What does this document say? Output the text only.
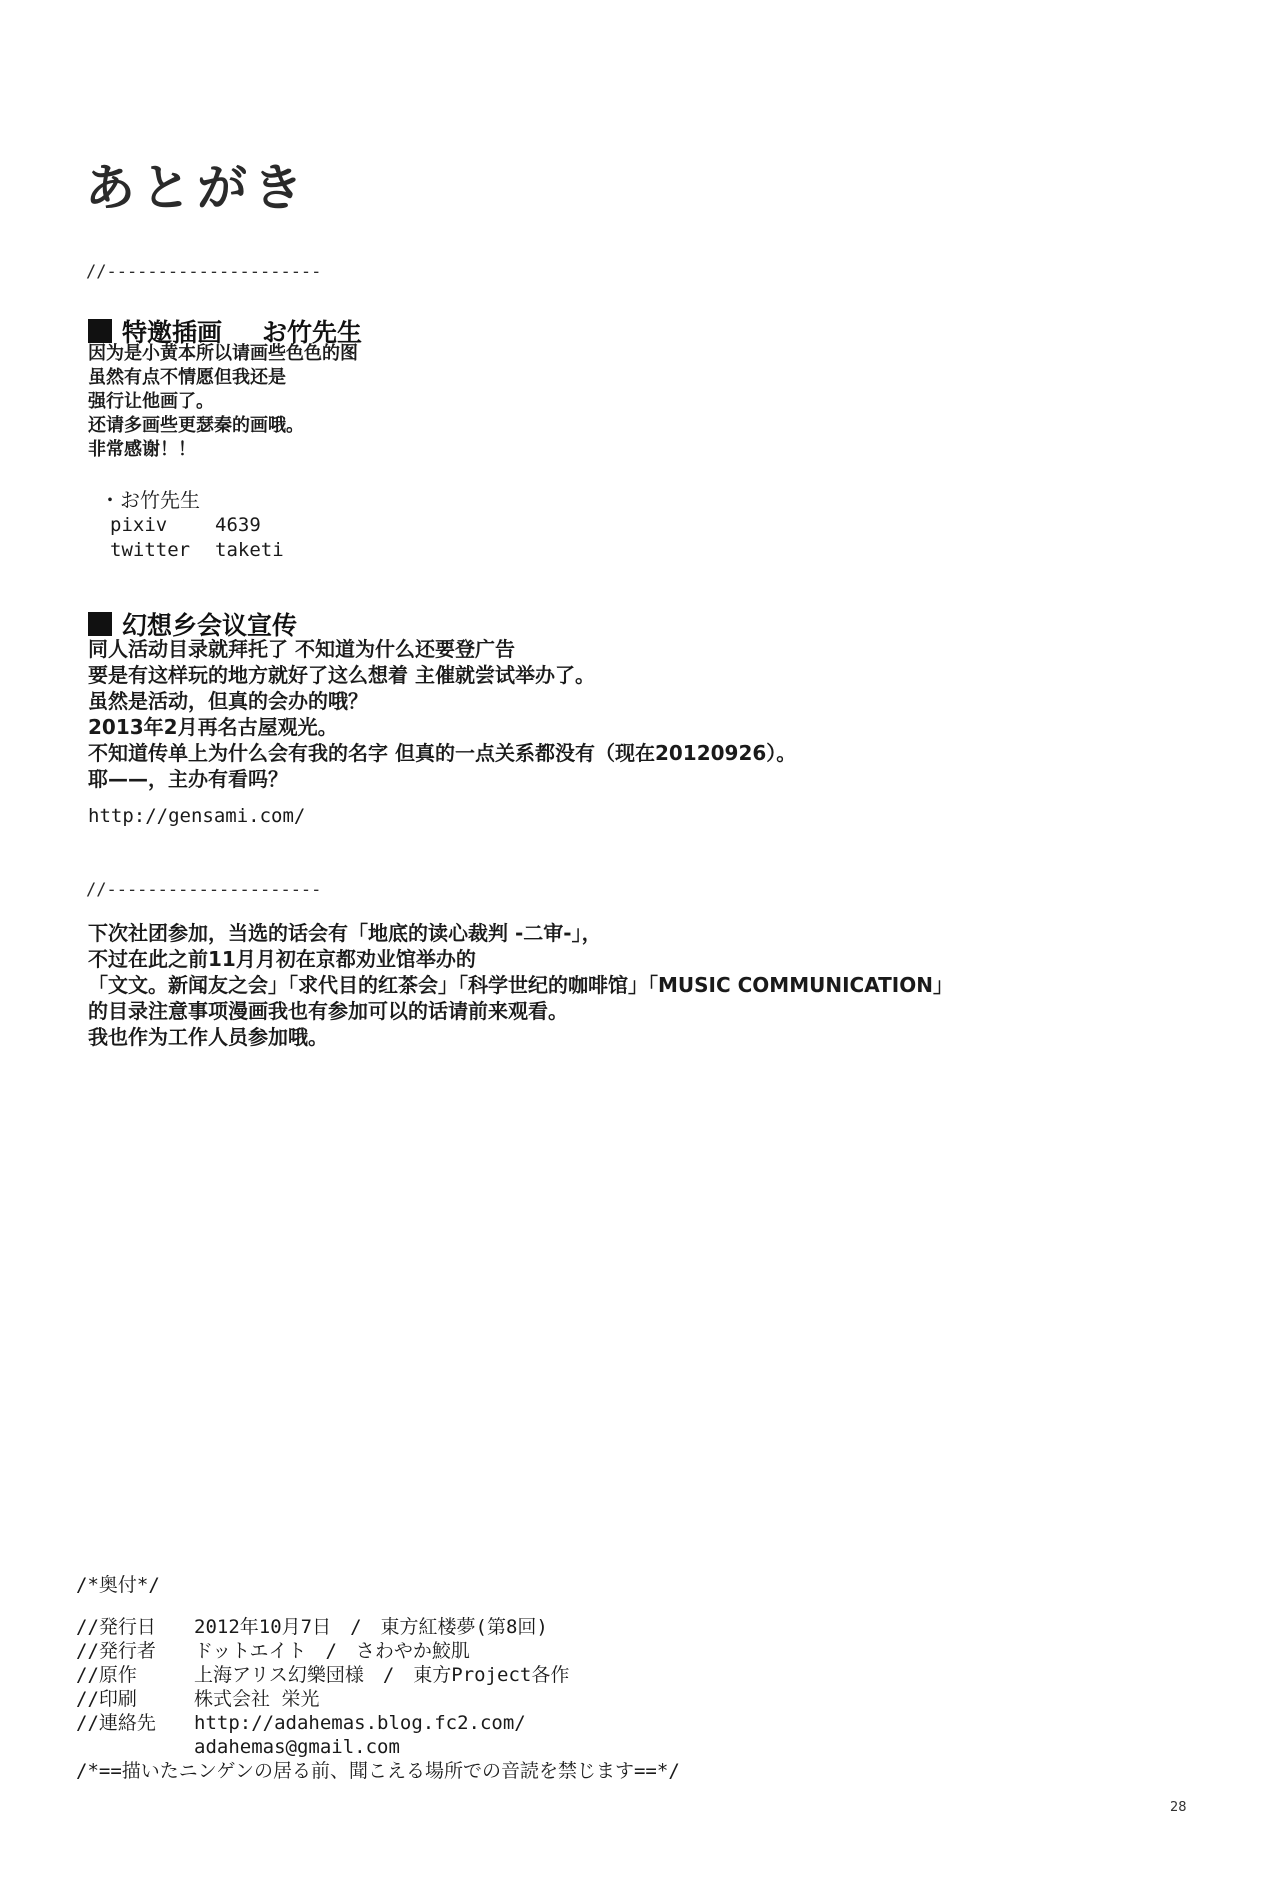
あとがき
//---------------------
特邀插画 お竹先生
因为是小黄本所以请画些色色的图
虽然有点不情愿但我还是
强行让他画了。
还请多画些更瑟秦的画哦。
非常感谢！！
・お竹先生
pixiv	4639
twitter	taketi
幻想乡会议宣传
同人活动目录就拜托了 不知道为什么还要登广告
要是有这样玩的地方就好了这么想着 主催就尝试举办了。
虽然是活动，但真的会办的哦？
2013年2月再名古屋观光。
不知道传单上为什么会有我的名字 但真的一点关系都没有（现在20120926）。
耶——，主办有看吗？
http://gensami.com/
//---------------------
下次社团参加，当选的话会有「地底的读心裁判 -二审-」，
不过在此之前11月月初在京都劝业馆举办的
「文文。新闻友之会」「求代目的红茶会」「科学世纪的咖啡馆」「MUSIC COMMUNICATION」
的目录注意事项漫画我也有参加可以的话请前来观看。
我也作为工作人员参加哦。
/*奥付*/
//発行日	2012年10月7日　/　東方紅楼夢(第8回)
//発行者	ドットエイト　/　さわやか鮫肌
//原作	上海アリス幻樂団様　/　東方Project各作
//印刷	株式会社 栄光
//連絡先	http://adahemas.blog.fc2.com/
adahemas@gmail.com
/*==描いたニンゲンの居る前、聞こえる場所での音読を禁じます==*/
28
